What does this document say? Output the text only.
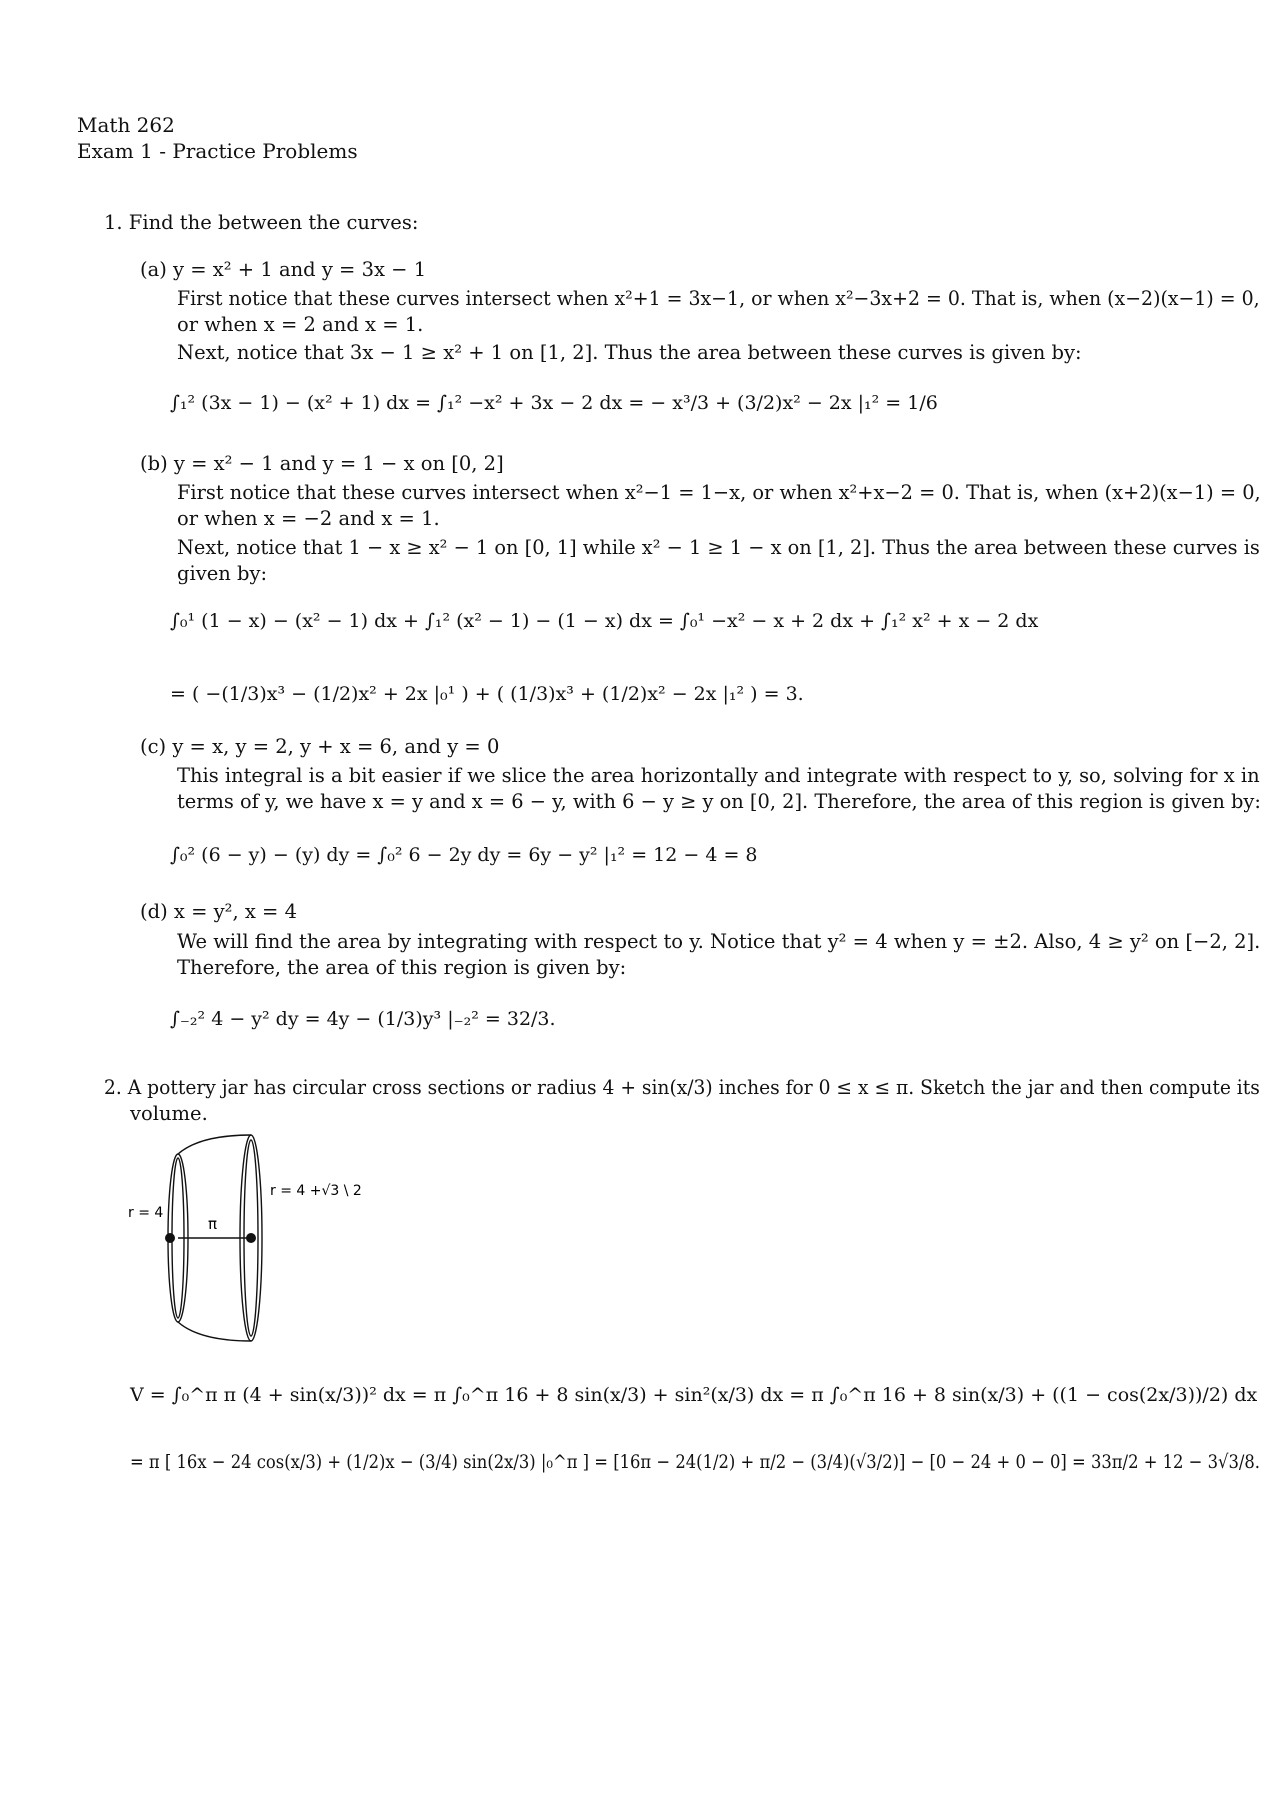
Math 262
Exam 1 - Practice Problems
1. Find the between the curves:
(a) y = x² + 1 and y = 3x − 1
First notice that these curves intersect when x²+1 = 3x−1, or when x²−3x+2 = 0. That is, when (x−2)(x−1) = 0,
or when x = 2 and x = 1.
Next, notice that 3x − 1 ≥ x² + 1 on [1, 2]. Thus the area between these curves is given by:
∫₁² (3x − 1) − (x² + 1) dx = ∫₁² −x² + 3x − 2 dx = − x³/3 + (3/2)x² − 2x |₁² = 1/6
(b) y = x² − 1 and y = 1 − x on [0, 2]
First notice that these curves intersect when x²−1 = 1−x, or when x²+x−2 = 0. That is, when (x+2)(x−1) = 0,
or when x = −2 and x = 1.
Next, notice that 1 − x ≥ x² − 1 on [0, 1] while x² − 1 ≥ 1 − x on [1, 2]. Thus the area between these curves is
given by:
∫₀¹ (1 − x) − (x² − 1) dx + ∫₁² (x² − 1) − (1 − x) dx = ∫₀¹ −x² − x + 2 dx + ∫₁² x² + x − 2 dx
= ( −(1/3)x³ − (1/2)x² + 2x |₀¹ ) + ( (1/3)x³ + (1/2)x² − 2x |₁² ) = 3.
(c) y = x, y = 2, y + x = 6, and y = 0
This integral is a bit easier if we slice the area horizontally and integrate with respect to y, so, solving for x in
terms of y, we have x = y and x = 6 − y, with 6 − y ≥ y on [0, 2]. Therefore, the area of this region is given by:
∫₀² (6 − y) − (y) dy = ∫₀² 6 − 2y dy = 6y − y² |₁² = 12 − 4 = 8
(d) x = y², x = 4
We will find the area by integrating with respect to y. Notice that y² = 4 when y = ±2. Also, 4 ≥ y² on [−2, 2].
Therefore, the area of this region is given by:
∫₋₂² 4 − y² dy = 4y − (1/3)y³ |₋₂² = 32/3.
2. A pottery jar has circular cross sections or radius 4 + sin(x/3) inches for 0 ≤ x ≤ π. Sketch the jar and then compute its
volume.
r = 4
r = 4 +√3 \ 2
π
V = ∫₀^π π (4 + sin(x/3))² dx = π ∫₀^π 16 + 8 sin(x/3) + sin²(x/3) dx = π ∫₀^π 16 + 8 sin(x/3) + ((1 − cos(2x/3))/2) dx
= π [ 16x − 24 cos(x/3) + (1/2)x − (3/4) sin(2x/3) |₀^π ] = [16π − 24(1/2) + π/2 − (3/4)(√3/2)] − [0 − 24 + 0 − 0] = 33π/2 + 12 − 3√3/8.
